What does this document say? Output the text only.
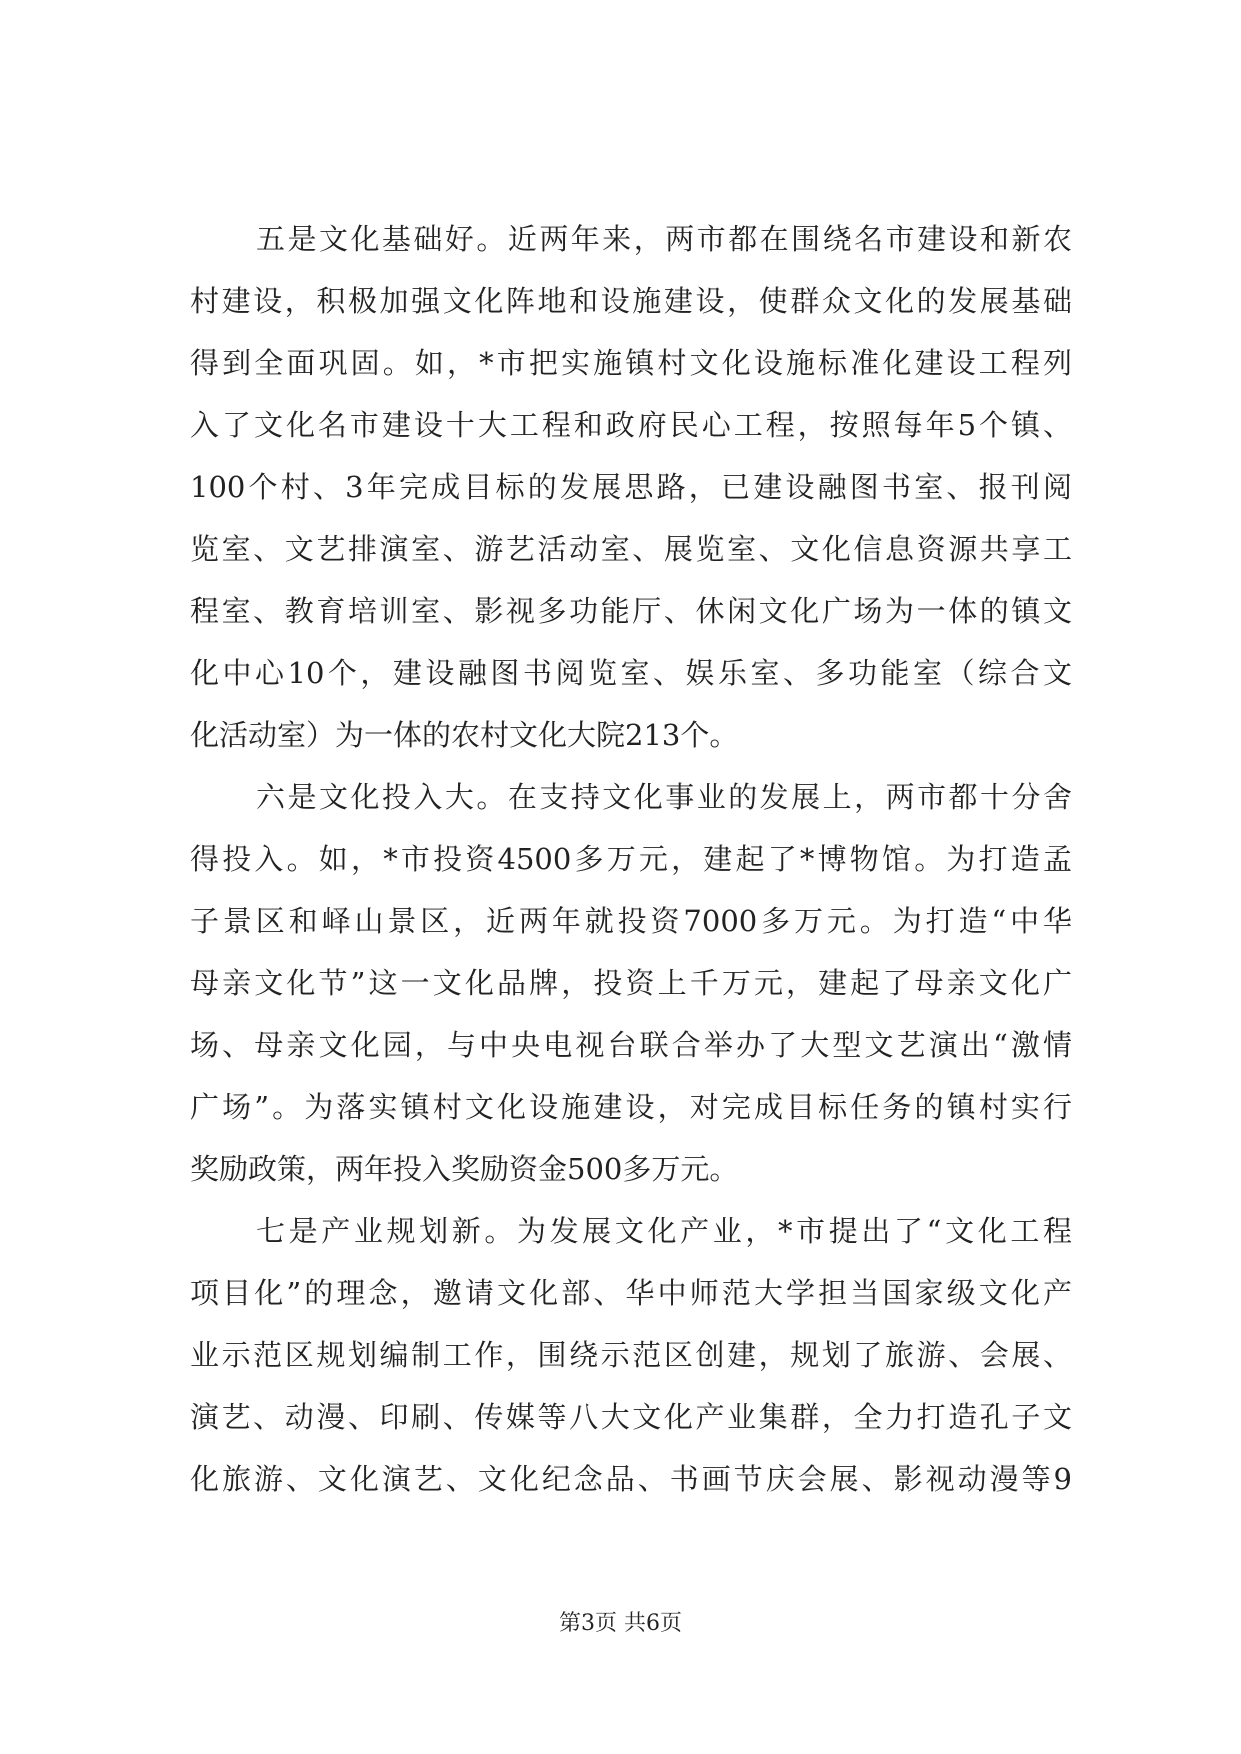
五是文化基础好。近两年来，两市都在围绕名市建设和新农
村建设，积极加强文化阵地和设施建设，使群众文化的发展基础
得到全面巩固。如，*市把实施镇村文化设施标准化建设工程列
入了文化名市建设十大工程和政府民心工程，按照每年5个镇、
100个村、3年完成目标的发展思路，已建设融图书室、报刊阅
览室、文艺排演室、游艺活动室、展览室、文化信息资源共享工
程室、教育培训室、影视多功能厅、休闲文化广场为一体的镇文
化中心10个，建设融图书阅览室、娱乐室、多功能室（综合文
化活动室）为一体的农村文化大院213个。
六是文化投入大。在支持文化事业的发展上，两市都十分舍
得投入。如，*市投资4500多万元，建起了*博物馆。为打造孟
子景区和峄山景区，近两年就投资7000多万元。为打造“中华
母亲文化节”这一文化品牌，投资上千万元，建起了母亲文化广
场、母亲文化园，与中央电视台联合举办了大型文艺演出“激情
广场”。为落实镇村文化设施建设，对完成目标任务的镇村实行
奖励政策，两年投入奖励资金500多万元。
七是产业规划新。为发展文化产业，*市提出了“文化工程
项目化”的理念，邀请文化部、华中师范大学担当国家级文化产
业示范区规划编制工作，围绕示范区创建，规划了旅游、会展、
演艺、动漫、印刷、传媒等八大文化产业集群，全力打造孔子文
化旅游、文化演艺、文化纪念品、书画节庆会展、影视动漫等9
第3页 共6页
